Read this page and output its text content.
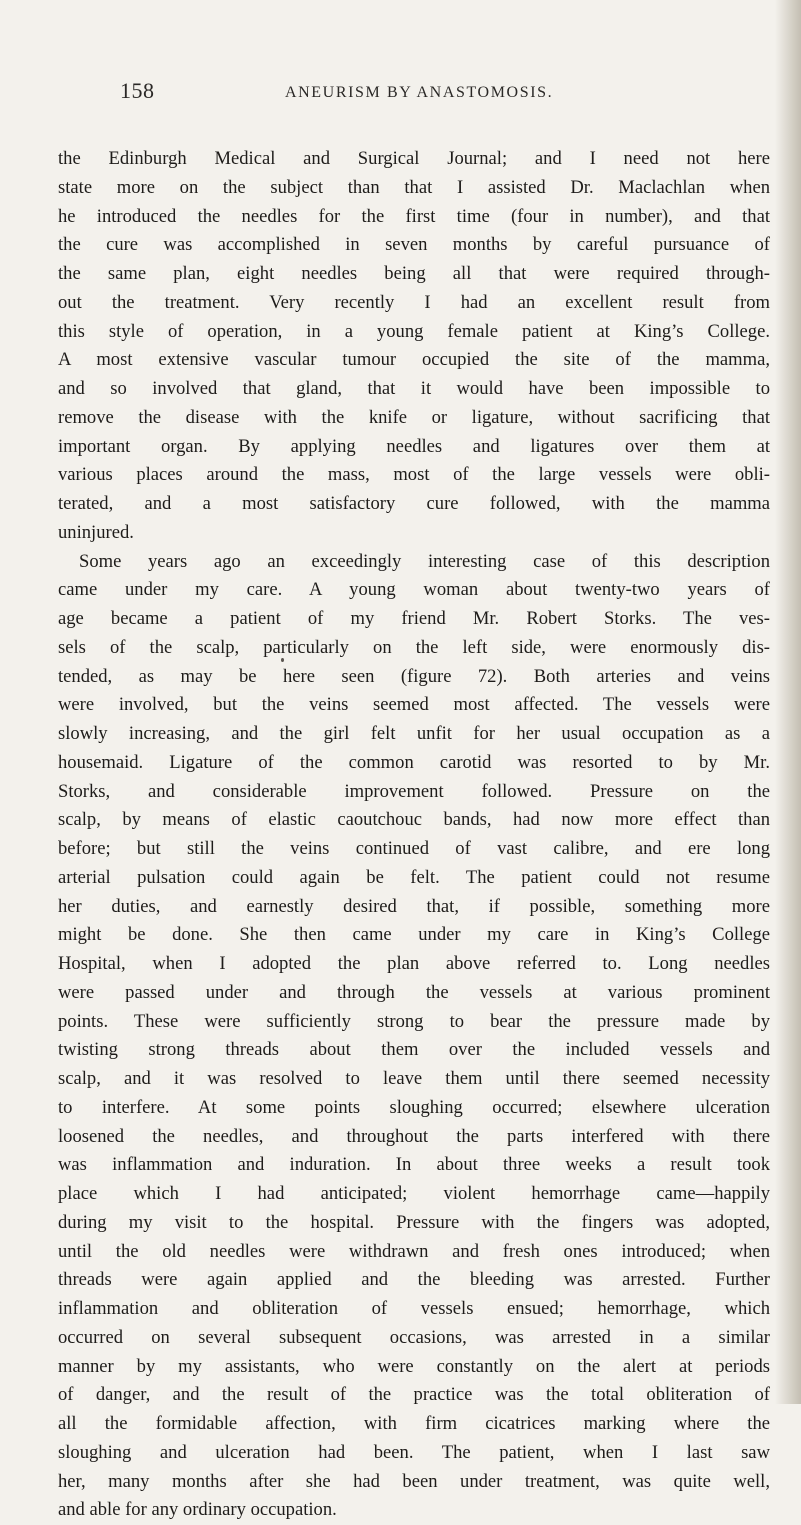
158	ANEURISM BY ANASTOMOSIS.
the Edinburgh Medical and Surgical Journal; and I need not here
state more on the subject than that I assisted Dr. Maclachlan when
he introduced the needles for the first time (four in number), and that
the cure was accomplished in seven months by careful pursuance of
the same plan, eight needles being all that were required through-
out the treatment. Very recently I had an excellent result from
this style of operation, in a young female patient at King’s College.
A most extensive vascular tumour occupied the site of the mamma,
and so involved that gland, that it would have been impossible to
remove the disease with the knife or ligature, without sacrificing that
important organ. By applying needles and ligatures over them at
various places around the mass, most of the large vessels were obli-
terated, and a most satisfactory cure followed, with the mamma
uninjured.
Some years ago an exceedingly interesting case of this description
came under my care. A young woman about twenty-two years of
age became a patient of my friend Mr. Robert Storks. The ves-
sels of the scalp, particularly on the left side, were enormously dis-
tended, as may be here seen (figure 72). Both arteries and veins
were involved, but the veins seemed most affected. The vessels were
slowly increasing, and the girl felt unfit for her usual occupation as a
housemaid. Ligature of the common carotid was resorted to by Mr.
Storks, and considerable improvement followed. Pressure on the
scalp, by means of elastic caoutchouc bands, had now more effect than
before; but still the veins continued of vast calibre, and ere long
arterial pulsation could again be felt. The patient could not resume
her duties, and earnestly desired that, if possible, something more
might be done. She then came under my care in King’s College
Hospital, when I adopted the plan above referred to. Long needles
were passed under and through the vessels at various prominent
points. These were sufficiently strong to bear the pressure made by
twisting strong threads about them over the included vessels and
scalp, and it was resolved to leave them until there seemed necessity
to interfere. At some points sloughing occurred; elsewhere ulceration
loosened the needles, and throughout the parts interfered with there
was inflammation and induration. In about three weeks a result took
place which I had anticipated; violent hemorrhage came—happily
during my visit to the hospital. Pressure with the fingers was adopted,
until the old needles were withdrawn and fresh ones introduced; when
threads were again applied and the bleeding was arrested. Further
inflammation and obliteration of vessels ensued; hemorrhage, which
occurred on several subsequent occasions, was arrested in a similar
manner by my assistants, who were constantly on the alert at periods
of danger, and the result of the practice was the total obliteration of
all the formidable affection, with firm cicatrices marking where the
sloughing and ulceration had been. The patient, when I last saw
her, many months after she had been under treatment, was quite well,
and able for any ordinary occupation.
